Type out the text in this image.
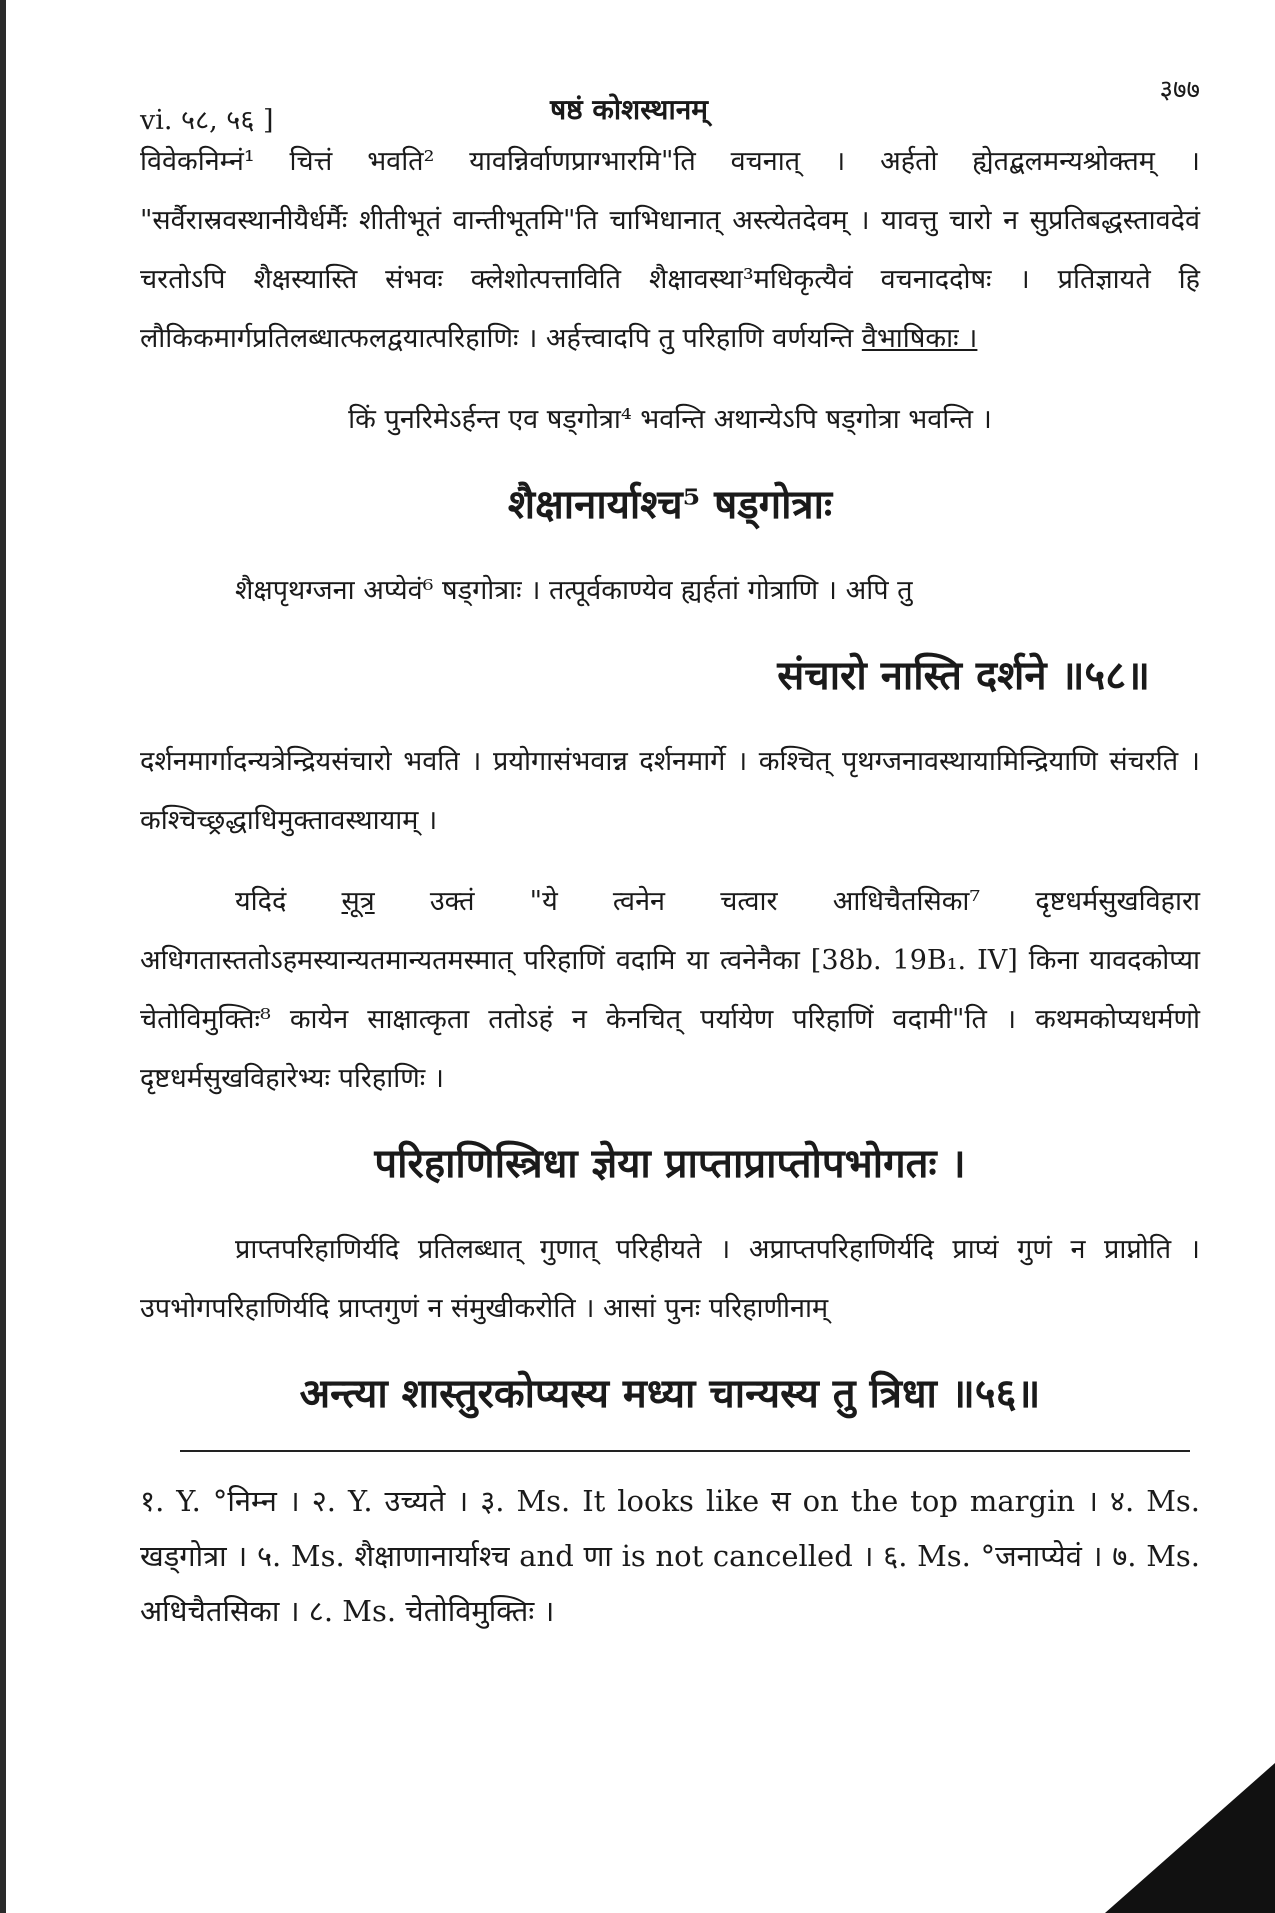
vi. ५८, ५६ ]	षष्ठं कोशस्थानम्
३७७

विवेकनिम्नं¹ चित्तं भवति² यावन्निर्वाणप्राग्भारमि"ति वचनात् । अर्हतो ह्येतद्बलमन्यश्रोक्तम् । "सर्वैरास्रवस्थानीयैर्धर्मैः शीतीभूतं वान्तीभूतमि"ति चाभिधानात् अस्त्येतदेवम् । यावत्तु चारो न सुप्रतिबद्धस्तावदेवं चरतोऽपि शैक्षस्यास्ति संभवः क्लेशोत्पत्ताविति शैक्षावस्था³मधिकृत्यैवं वचनाददोषः । प्रतिज्ञायते हि लौकिकमार्गप्रतिलब्धात्फलद्वयात्परिहाणिः । अर्हत्त्वादपि तु परिहाणि वर्णयन्ति वैभाषिकाः ।

किं पुनरिमेऽर्हन्त एव षड्गोत्रा⁴ भवन्ति अथान्येऽपि षड्गोत्रा भवन्ति ।

शैक्षानार्याश्च⁵ षड्गोत्राः

शैक्षपृथग्जना अप्येवं⁶ षड्गोत्राः । तत्पूर्वकाण्येव ह्यर्हतां गोत्राणि । अपि तु

संचारो नास्ति दर्शने ॥५८॥

दर्शनमार्गादन्यत्रेन्द्रियसंचारो भवति । प्रयोगासंभवान्न दर्शनमार्गे । कश्चित् पृथग्जनावस्थायामिन्द्रियाणि संचरति । कश्चिच्छ्रद्धाधिमुक्तावस्थायाम् ।

यदिदं सूत्र उक्तं "ये त्वनेन चत्वार आधिचैतसिका⁷ दृष्टधर्मसुखविहारा अधिगतास्ततोऽहमस्यान्यतमान्यतमस्मात् परिहाणिं वदामि या त्वनेनैका [38b. 19B₁. IV] किना यावदकोप्या चेतोविमुक्तिः⁸ कायेन साक्षात्कृता ततोऽहं न केनचित् पर्यायेण परिहाणिं वदामी"ति । कथमकोप्यधर्मणो दृष्टधर्मसुखविहारेभ्यः परिहाणिः ।

परिहाणिस्त्रिधा ज्ञेया प्राप्ताप्राप्तोपभोगतः ।

प्राप्तपरिहाणिर्यदि प्रतिलब्धात् गुणात् परिहीयते । अप्राप्तपरिहाणिर्यदि प्राप्यं गुणं न प्राप्नोति । उपभोगपरिहाणिर्यदि प्राप्तगुणं न संमुखीकरोति । आसां पुनः परिहाणीनाम्

अन्त्या शास्तुरकोप्यस्य मध्या चान्यस्य तु त्रिधा ॥५६॥

१. Y. °निम्न । २. Y. उच्यते । ३. Ms. It looks like स on the top margin । ४. Ms. खड्गोत्रा । ५. Ms. शैक्षाणानार्याश्च and णा is not cancelled । ६. Ms. °जनाप्येवं । ७. Ms. अधिचैतसिका । ८. Ms. चेतोविमुक्तिः ।
